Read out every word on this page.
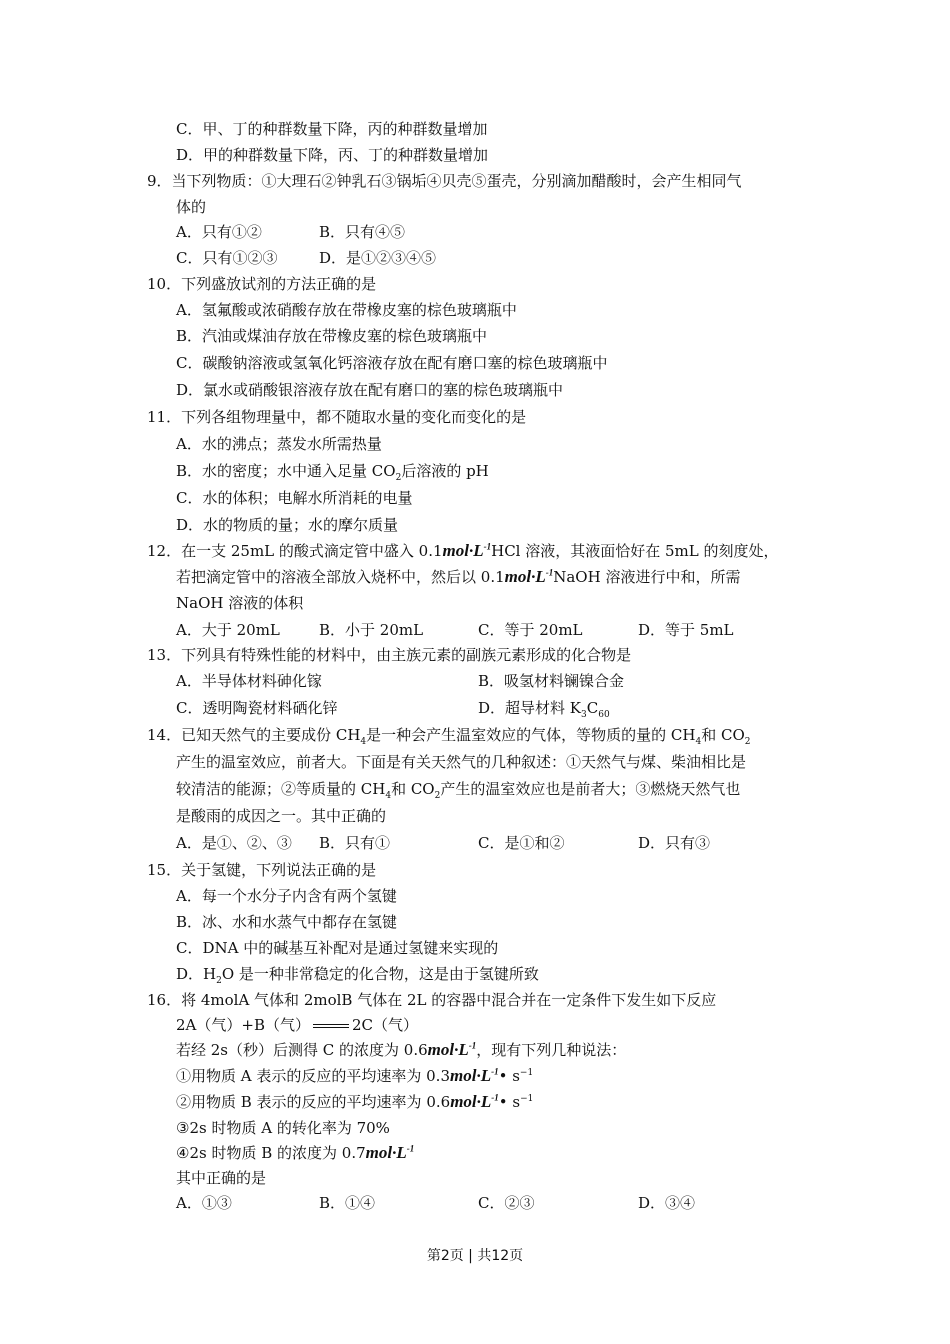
C．甲、丁的种群数量下降，丙的种群数量增加
D．甲的种群数量下降，丙、丁的种群数量增加
9．当下列物质：①大理石②钟乳石③锅垢④贝壳⑤蛋壳，分别滴加醋酸时，会产生相同气
体的
A．只有①②	B．只有④⑤
C．只有①②③	D．是①②③④⑤
10．下列盛放试剂的方法正确的是
A．氢氟酸或浓硝酸存放在带橡皮塞的棕色玻璃瓶中
B．汽油或煤油存放在带橡皮塞的棕色玻璃瓶中
C．碳酸钠溶液或氢氧化钙溶液存放在配有磨口塞的棕色玻璃瓶中
D．氯水或硝酸银溶液存放在配有磨口的塞的棕色玻璃瓶中
11．下列各组物理量中，都不随取水量的变化而变化的是
A．水的沸点；蒸发水所需热量
B．水的密度；水中通入足量 $CO_2$后溶液的 pH
C．水的体积；电解水所消耗的电量
D．水的物质的量；水的摩尔质量
12．在一支 25mL 的酸式滴定管中盛入 $0.1mol\cdot L^{-1}HCl$ 溶液，其液面恰好在 5mL 的刻度处，
若把滴定管中的溶液全部放入烧杯中，然后以 $0.1mol\cdot L^{-1}NaOH$ 溶液进行中和，所需
NaOH 溶液的体积
A．大于 20mL	B．小于 20mL	C．等于 20mL	D．等于 5mL
13．下列具有特殊性能的材料中，由主族元素的副族元素形成的化合物是
A．半导体材料砷化镓	B．吸氢材料镧镍合金
C．透明陶瓷材料硒化锌	D．超导材料 $K_3C_{60}$
14．已知天然气的主要成份 $CH_4$是一种会产生温室效应的气体，等物质的量的 $CH_4$和 $CO_2$
产生的温室效应，前者大。下面是有关天然气的几种叙述：①天然气与煤、柴油相比是
较清洁的能源；②等质量的 $CH_4$和 $CO_2$产生的温室效应也是前者大；③燃烧天然气也
是酸雨的成因之一。其中正确的
A．是①、②、③ B．只有①	C．是①和②	D．只有③
15．关于氢键，下列说法正确的是
A．每一个水分子内含有两个氢键
B．冰、水和水蒸气中都存在氢键
C．DNA 中的碱基互补配对是通过氢键来实现的
D．$H_2O$ 是一种非常稳定的化合物，这是由于氢键所致
16．将 4molA 气体和 2molB 气体在 2L 的容器中混合并在一定条件下发生如下反应
2A（气）+B（气）	2C（气）
若经 2s（秒）后测得 C 的浓度为 $0.6mol\cdot L^{-1}$，现有下列几种说法：
①用物质 A 表示的反应的平均速率为 $0.3mol\cdot L^{-1}•$ $s^{-1}$
②用物质 B 表示的反应的平均速率为 $0.6mol\cdot L^{-1}•$ $s^{-1}$
③2s 时物质 A 的转化率为 70%
④2s 时物质 B 的浓度为 $0.7mol\cdot L^{-1}$
其中正确的是
A．①③	B．①④	C．②③	D．③④
第2页 | 共12页
